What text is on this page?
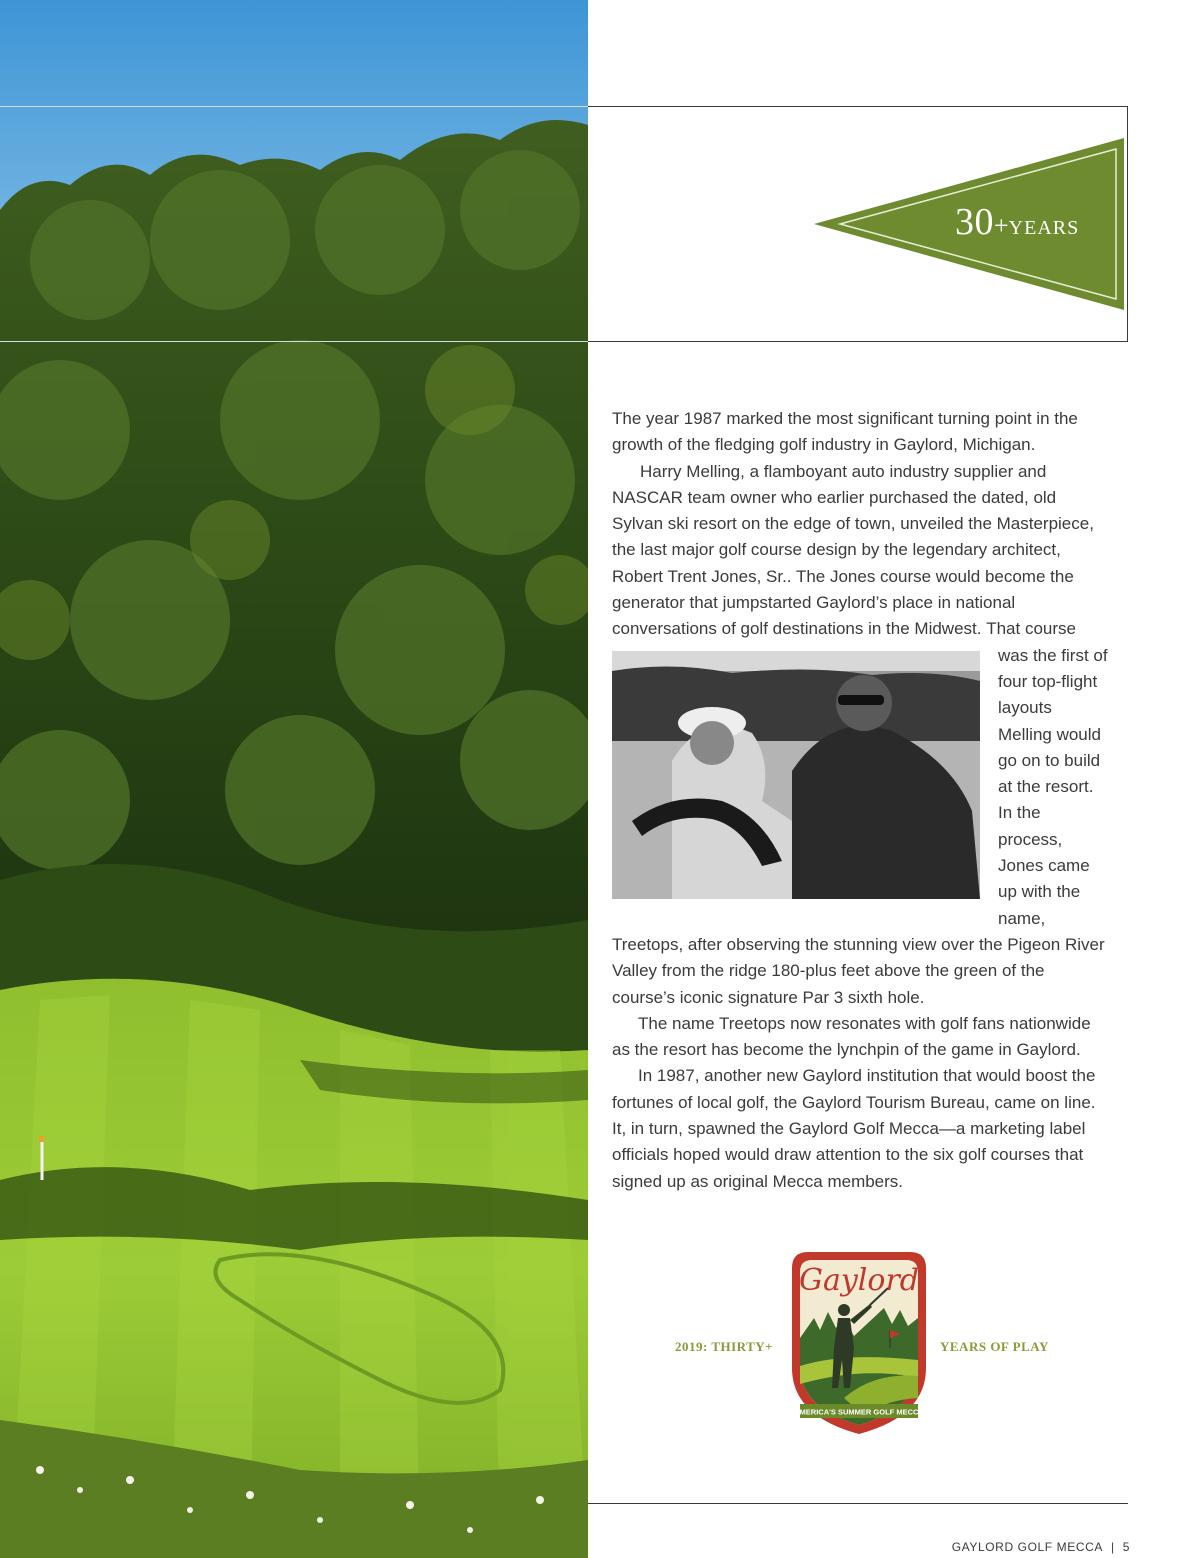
30+YEARS

The year 1987 marked the most significant turning point in the growth of the fledging golf industry in Gaylord, Michigan.

Harry Melling, a flamboyant auto industry supplier and NASCAR team owner who earlier purchased the dated, old Sylvan ski resort on the edge of town, unveiled the Masterpiece, the last major golf course design by the legendary architect, Robert Trent Jones, Sr.. The Jones course would become the generator that jumpstarted Gaylord’s place in national conversations of golf destinations in the Midwest.
That course was the first of four top-flight layouts Melling would go on to build at the resort. In the process, Jones came up with the name, Treetops, after observing the stunning view over the Pigeon River Valley from the ridge 180-plus feet above the green of the course’s iconic signature Par 3 sixth hole.

The name Treetops now resonates with golf fans nationwide as the resort has become the lynchpin of the game in Gaylord.

In 1987, another new Gaylord institution that would boost the fortunes of local golf, the Gaylord Tourism Bureau, came on line. It, in turn, spawned the Gaylord Golf Mecca—a marketing label officials hoped would draw attention to the six golf courses that signed up as original Mecca members.

Gaylord
AMERICA'S SUMMER GOLF MECCA
2019: THIRTY+	YEARS OF PLAY
GAYLORD GOLF MECCA | 5
